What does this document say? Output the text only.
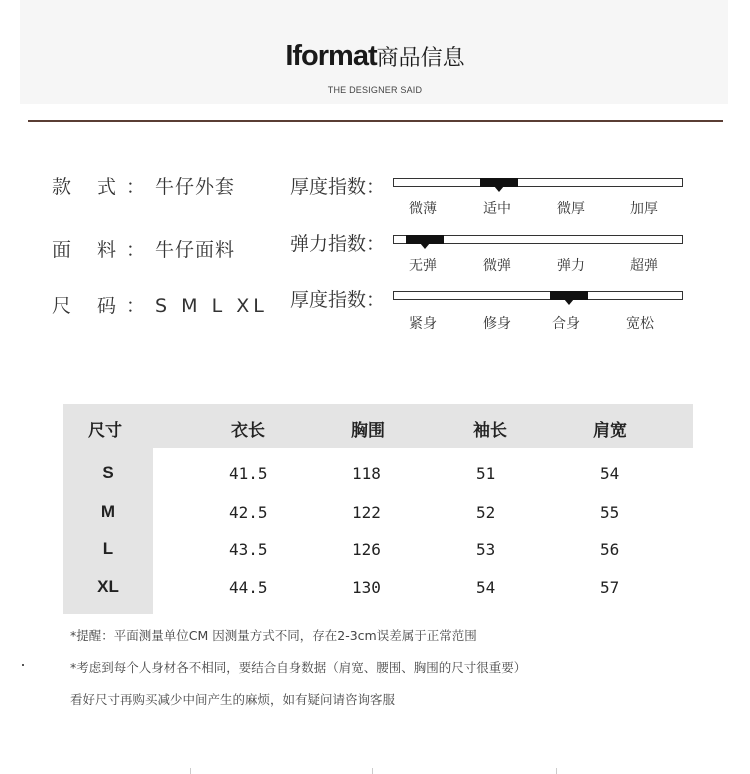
Iformat商品信息
THE DESIGNER SAID
款 式：牛仔外套
面 料：牛仔面料
尺 码：S M L XL
厚度指数：
微薄	适中	微厚	加厚
弹力指数：
无弹	微弹	弹力	超弹
厚度指数：
紧身	修身	合身	宽松
尺寸	衣长	胸围	袖长	肩宽
S	41.5	118	51	54
M	42.5	122	52	55
L	43.5	126	53	56
XL	44.5	130	54	57
*提醒：平面测量单位CM 因测量方式不同，存在2-3cm误差属于正常范围
*考虑到每个人身材各不相同，要结合自身数据（肩宽、腰围、胸围的尺寸很重要）
看好尺寸再购买减少中间产生的麻烦，如有疑问请咨询客服
